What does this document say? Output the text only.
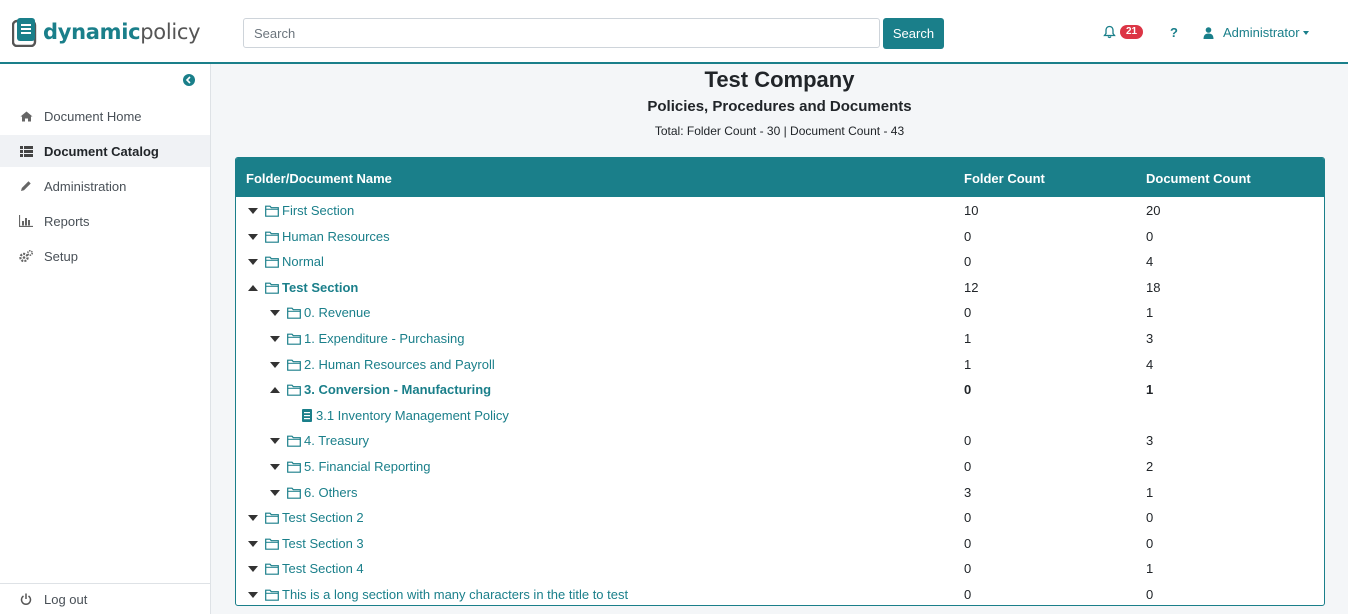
dynamicpolicy
Search	Search	21	?	Administrator
Document Home
Document Catalog
Administration
Reports
Setup
Log out
Test Company
Policies, Procedures and Documents
Total: Folder Count - 30 | Document Count - 43
Folder/Document Name	Folder Count	Document Count
First Section	10	20
Human Resources	0	0
Normal	0	4
Test Section	12	18
0. Revenue	0	1
1. Expenditure - Purchasing	1	3
2. Human Resources and Payroll	1	4
3. Conversion - Manufacturing	0	1
3.1 Inventory Management Policy
4. Treasury	0	3
5. Financial Reporting	0	2
6. Others	3	1
Test Section 2	0	0
Test Section 3	0	0
Test Section 4	0	1
This is a long section with many characters in the title to test	0	0
